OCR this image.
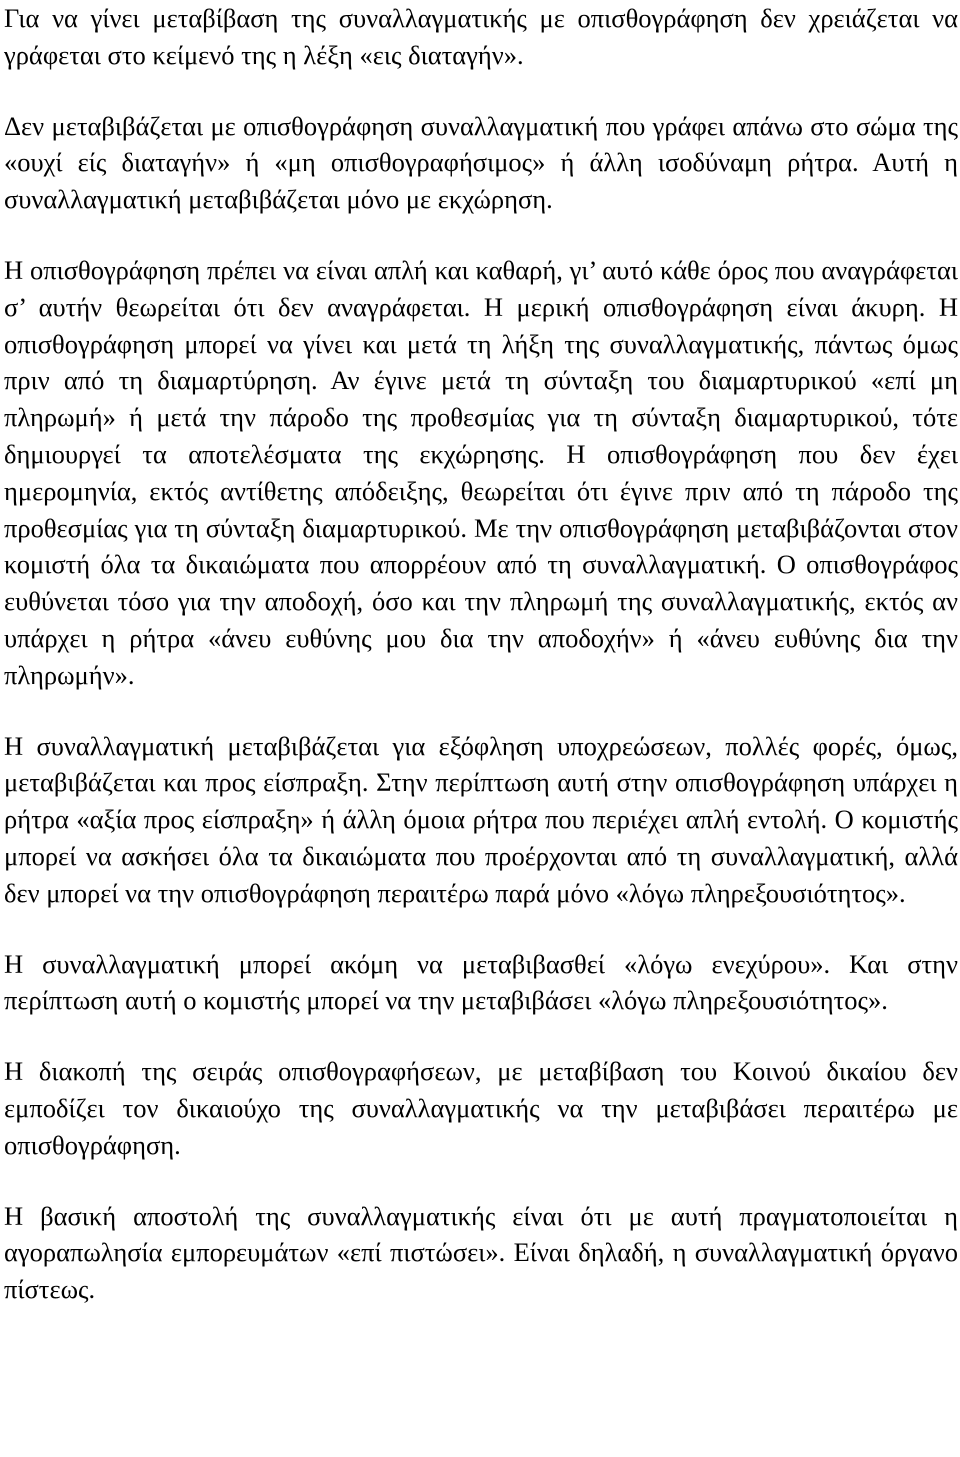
Για να γίνει μεταβίβαση της συναλλαγματικής με οπισθογράφηση δεν χρειάζεται να γράφεται στο κείμενό της η λέξη «εις διαταγήν».

Δεν μεταβιβάζεται με οπισθογράφηση συναλλαγματική που γράφει απάνω στο σώμα της «ουχί είς διαταγήν» ή «μη οπισθογραφήσιμος» ή άλλη ισοδύναμη ρήτρα. Αυτή η συναλλαγματική μεταβιβάζεται μόνο με εκχώρηση.

Η οπισθογράφηση πρέπει να είναι απλή και καθαρή, γι’ αυτό κάθε όρος που αναγράφεται σ’ αυτήν θεωρείται ότι δεν αναγράφεται. Η μερική οπισθογράφηση είναι άκυρη. Η οπισθογράφηση μπορεί να γίνει και μετά τη λήξη της συναλλαγματικής, πάντως όμως πριν από τη διαμαρτύρηση. Αν έγινε μετά τη σύνταξη του διαμαρτυρικού «επί μη πληρωμή» ή μετά την πάροδο της προθεσμίας για τη σύνταξη διαμαρτυρικού, τότε δημιουργεί τα αποτελέσματα της εκχώρησης. Η οπισθογράφηση που δεν έχει ημερομηνία, εκτός αντίθετης απόδειξης, θεωρείται ότι έγινε πριν από τη πάροδο της προθεσμίας για τη σύνταξη διαμαρτυρικού. Με την οπισθογράφηση μεταβιβάζονται στον κομιστή όλα τα δικαιώματα που απορρέουν από τη συναλλαγματική. Ο οπισθογράφος ευθύνεται τόσο για την αποδοχή, όσο και την πληρωμή της συναλλαγματικής, εκτός αν υπάρχει η ρήτρα «άνευ ευθύνης μου δια την αποδοχήν» ή «άνευ ευθύνης δια την πληρωμήν».

Η συναλλαγματική μεταβιβάζεται για εξόφληση υποχρεώσεων, πολλές φορές, όμως, μεταβιβάζεται και προς είσπραξη. Στην περίπτωση αυτή στην οπισθογράφηση υπάρχει η ρήτρα «αξία προς είσπραξη» ή άλλη όμοια ρήτρα που περιέχει απλή εντολή. Ο κομιστής μπορεί να ασκήσει όλα τα δικαιώματα που προέρχονται από τη συναλλαγματική, αλλά δεν μπορεί να την οπισθογράφηση περαιτέρω παρά μόνο «λόγω πληρεξουσιότητος».

Η συναλλαγματική μπορεί ακόμη να μεταβιβασθεί «λόγω ενεχύρου». Και στην περίπτωση αυτή ο κομιστής μπορεί να την μεταβιβάσει «λόγω πληρεξουσιότητος».

Η διακοπή της σειράς οπισθογραφήσεων, με μεταβίβαση του Κοινού δικαίου δεν εμποδίζει τον δικαιούχο της συναλλαγματικής να την μεταβιβάσει περαιτέρω με οπισθογράφηση.

Η βασική αποστολή της συναλλαγματικής είναι ότι με αυτή πραγματοποιείται η αγοραπωλησία εμπορευμάτων «επί πιστώσει». Είναι δηλαδή, η συναλλαγματική όργανο πίστεως.
